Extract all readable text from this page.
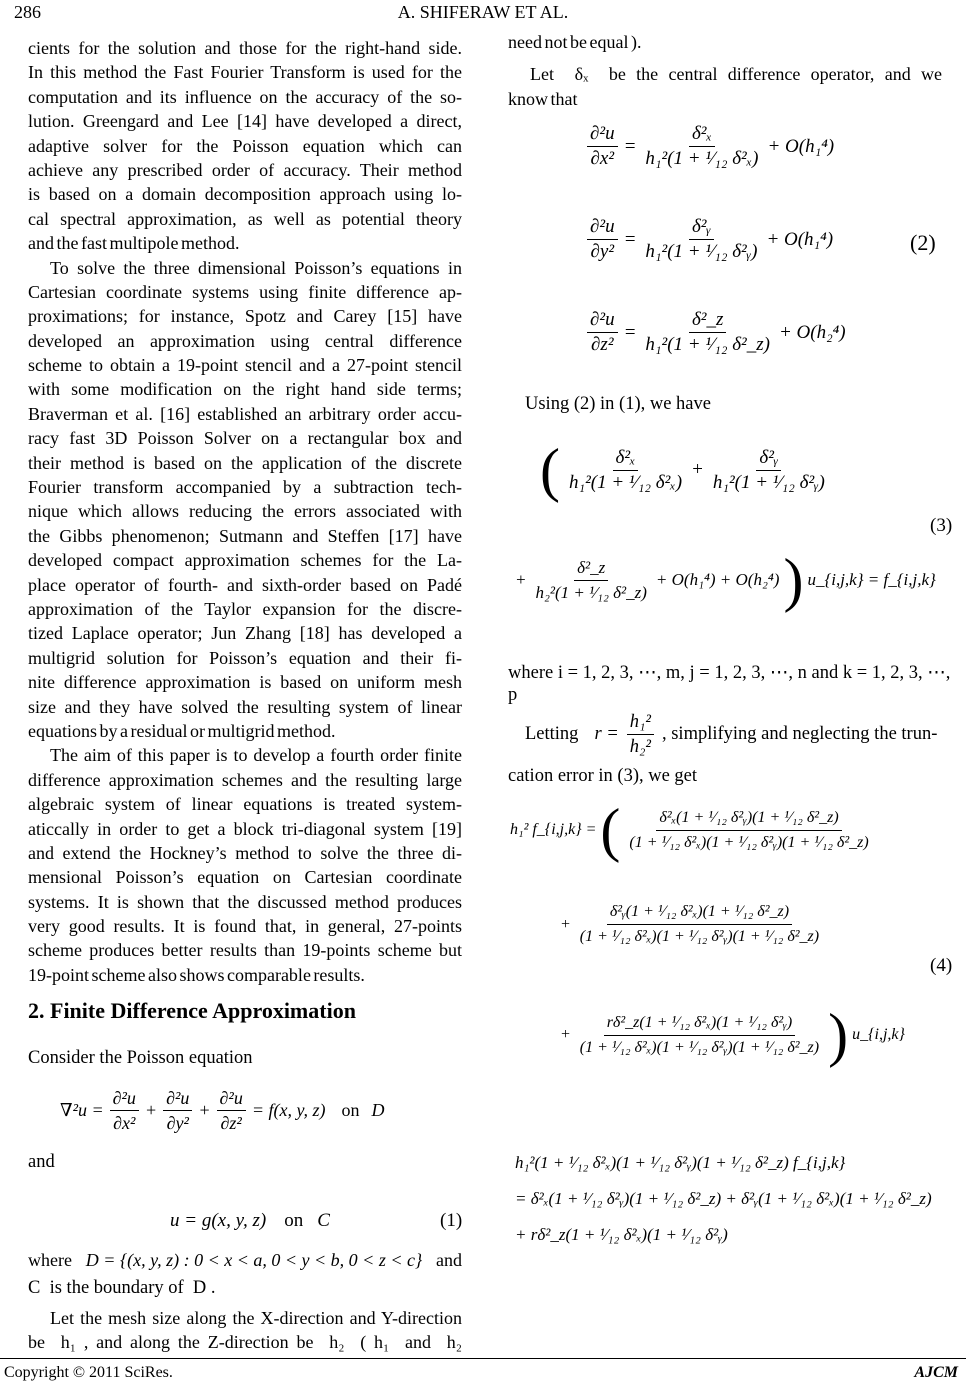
286	A. SHIFERAW ET AL.
cients for the solution and those for the right-hand side.
In this method the Fast Fourier Transform is used for the
computation and its influence on the accuracy of the so-
lution. Greengard and Lee [14] have developed a direct,
adaptive solver for the Poisson equation which can
achieve any prescribed order of accuracy. Their method
is based on a domain decomposition approach using lo-
cal spectral approximation, as well as potential theory
and the fast multipole method.
To solve the three dimensional Poisson’s equations in
Cartesian coordinate systems using finite difference ap-
proximations; for instance, Spotz and Carey [15] have
developed an approximation using central difference
scheme to obtain a 19-point stencil and a 27-point stencil
with some modification on the right hand side terms;
Braverman et al. [16] established an arbitrary order accu-
racy fast 3D Poisson Solver on a rectangular box and
their method is based on the application of the discrete
Fourier transform accompanied by a subtraction tech-
nique which allows reducing the errors associated with
the Gibbs phenomenon; Sutmann and Steffen [17] have
developed compact approximation schemes for the La-
place operator of fourth- and sixth-order based on Padé
approximation of the Taylor expansion for the discre-
tized Laplace operator; Jun Zhang [18] has developed a
multigrid solution for Poisson’s equation and their fi-
nite difference approximation is based on uniform mesh
size and they have solved the resulting system of linear
equations by a residual or multigrid method.
The aim of this paper is to develop a fourth order finite
difference approximation schemes and the resulting large
algebraic system of linear equations is treated system-
aticcally in order to get a block tri-diagonal system [19]
and extend the Hockney’s method to solve the three di-
mensional Poisson’s equation on Cartesian coordinate
systems. It is shown that the discussed method produces
very good results. It is found that, in general, 27-points
scheme produces better results than 19-points scheme but
19-point scheme also shows comparable results.
2. Finite Difference Approximation
Consider the Poisson equation
$\nabla^2u = \frac{\text{∂²u}}{\text{∂x²}} + \frac{\text{∂²u}}{\text{∂y²}} + \frac{\text{∂²u}}{\text{∂z²}} = f(x$, y, z) on D
and
u = g(x, y, z) on C	(1)
where D = {(x, y, z) : 0 < x < a, 0 < y < b, 0 < z < c} and
C  is the boundary of  D .
Let the mesh size along the X-direction and Y-direction
be  h₁ , and along the Z-direction be  h₂  ( h₁  and  h₂
need not be equal ).
Let  δₓ  be the central difference operator, and we
know that
$\frac{\text{∂²u}}{\text{∂x²}} = \frac{\text{δ²ₓ}}{\text{h₁²(1 + ¹⁄₁₂ δ²ₓ)}} + O(h_1^4)$
$\frac{\text{∂²u}}{\text{∂y²}} = \frac{\text{δ²ᵧ}}{\text{h₁²(1 + ¹⁄₁₂ δ²ᵧ)}} + O(h_1^4)$
$\frac{\text{∂²u}}{\text{∂z²}} = \frac{\text{δ²\_z}}{\text{h₁²(1 + ¹⁄₁₂ δ²\_z)}} + O(h_2^4)$
(2)
Using (2) in (1), we have
( $\frac{\text{δ²ₓ}}{\text{h₁²(1 + ¹⁄₁₂ δ²ₓ)}} + \frac{\text{δ²ᵧ}}{\text{h₁²(1 + ¹⁄₁₂ δ²ᵧ)}}$
+ $\frac{\text{δ²\_z}}{\text{h₂²(1 + ¹⁄₁₂ δ²\_z)}} + O(h_1^4) + O(h_2^4)$ ) u_{i,j,k} = f_{i,j,k}
(3)
where i = 1, 2, 3, ⋯, m, j = 1, 2, 3, ⋯, n and k = 1, 2, 3, ⋯, p
Letting $r = \frac{\text{h₁²}}{\text{h₂²}}$ , simplifying and neglecting the trun-
cation error in (3), we get
h₁² f_{i,j,k} = ( $\frac{\text{δ²ₓ(1 + ¹⁄₁₂ δ²ᵧ)(1 + ¹⁄₁₂ δ²\_z)}}{\text{(1 + ¹⁄₁₂ δ²ₓ)(1 + ¹⁄₁₂ δ²ᵧ)(1 + ¹⁄₁₂ δ²\_z)}}$
+ $\frac{\text{δ²ᵧ(1 + ¹⁄₁₂ δ²ₓ)(1 + ¹⁄₁₂ δ²\_z)}}{\text{(1 + ¹⁄₁₂ δ²ₓ)(1 + ¹⁄₁₂ δ²ᵧ)(1 + ¹⁄₁₂ δ²\_z)}}$
+ $\frac{\text{rδ²\_z(1 + ¹⁄₁₂ δ²ₓ)(1 + ¹⁄₁₂ δ²ᵧ)}}{\text{(1 + ¹⁄₁₂ δ²ₓ)(1 + ¹⁄₁₂ δ²ᵧ)(1 + ¹⁄₁₂ δ²\_z)}}$ ) u_{i,j,k}
(4)
h₁²(1 + ¹⁄₁₂ δ²ₓ)(1 + ¹⁄₁₂ δ²ᵧ)(1 + ¹⁄₁₂ δ²_z) f_{i,j,k}
= δ²ₓ(1 + ¹⁄₁₂ δ²ᵧ)(1 + ¹⁄₁₂ δ²_z) + δ²ᵧ(1 + ¹⁄₁₂ δ²ₓ)(1 + ¹⁄₁₂ δ²_z)
+ rδ²_z(1 + ¹⁄₁₂ δ²ₓ)(1 + ¹⁄₁₂ δ²ᵧ)
Copyright © 2011 SciRes.	AJCM
